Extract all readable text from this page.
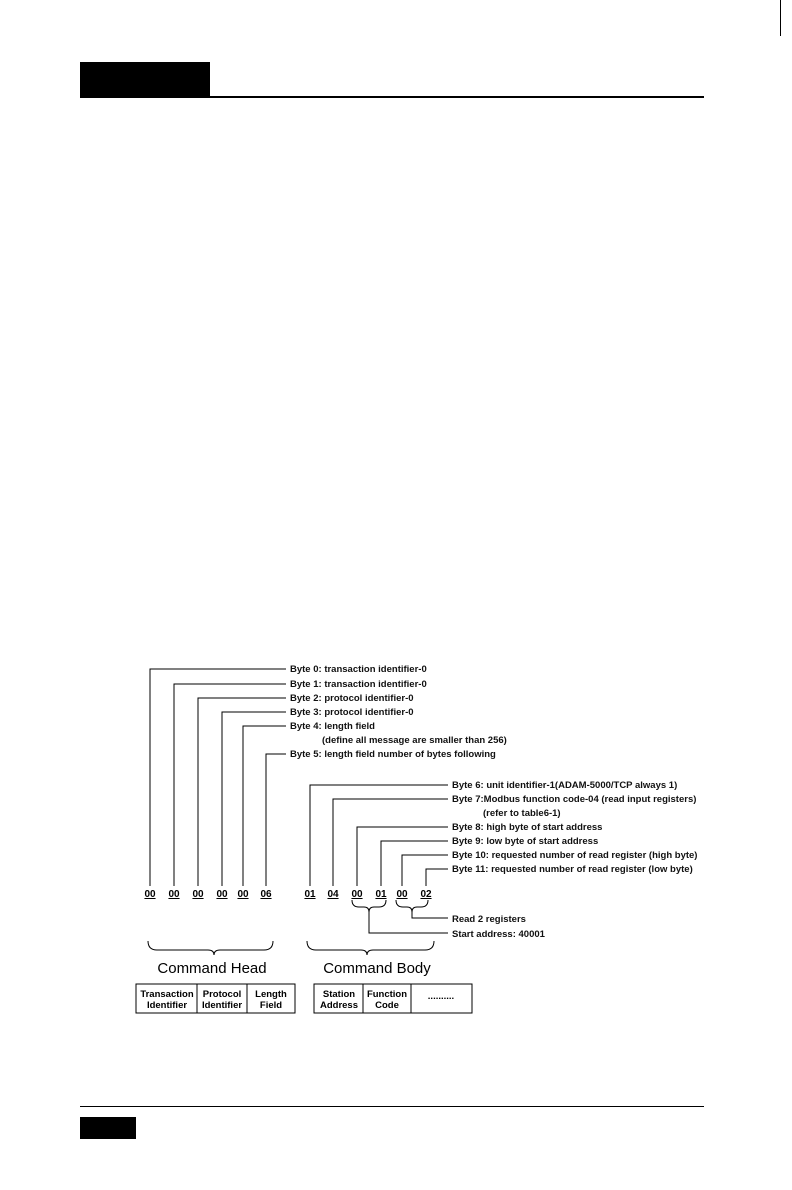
Byte 0: transaction identifier-0
Byte 1: transaction identifier-0
Byte 2: protocol identifier-0
Byte 3: protocol identifier-0
Byte 4: length field
(define all message are smaller than 256)
Byte 5: length field number of bytes following
Byte 6: unit identifier-1(ADAM-5000/TCP always 1)
Byte 7:Modbus function code-04 (read input registers)
(refer to table6-1)
Byte 8: high byte of start address
Byte 9: low byte of start address
Byte 10: requested number of read register (high byte)
Byte 11: requested number of read register (low byte)
Read 2 registers
Start address: 40001
00 00 00 00 00 06	01 04 00 01 00 02
Command Head	Command Body
Transaction
Identifier
Protocol
Identifier
Length
Field
Station
Address
Function
Code
..........
